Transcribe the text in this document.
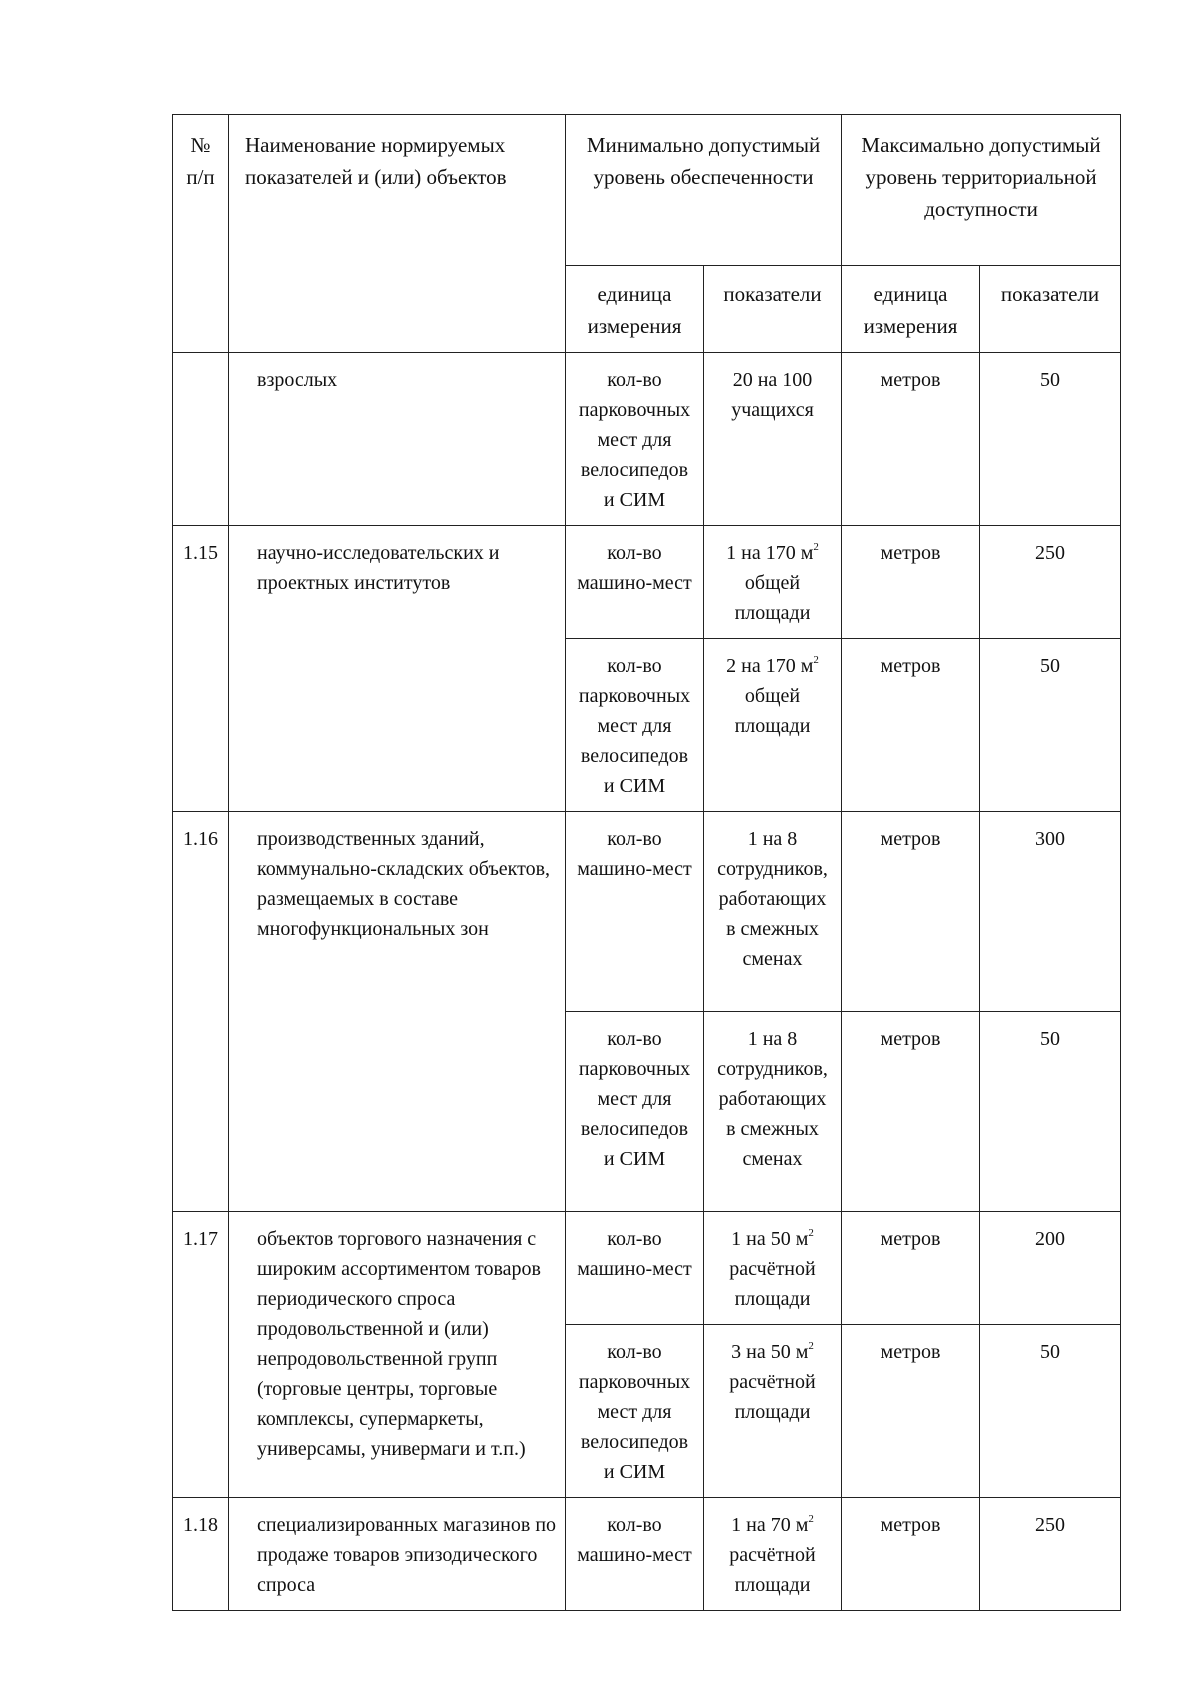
№
п/п	Наименование нормируемых показателей и (или) объектов	Минимально допустимый уровень обеспеченности		Максимально допустимый уровень территориальной доступности	
		единица измерения	показатели	единица измерения	показатели
	взрослых	кол-во парковочных мест для велосипедов и СИМ	20 на 100 учащихся	метров	50
1.15	научно-исследовательских и проектных институтов	кол-во машино-мест	1 на 170 $м^2$ общей площади	метров	250
		кол-во парковочных мест для велосипедов и СИМ	2 на 170 $м^2$ общей площади	метров	50
1.16	производственных зданий, коммунально-складских объектов, размещаемых в составе многофункциональных зон	кол-во машино-мест	1 на 8 сотрудников, работающих в смежных сменах	метров	300
		кол-во парковочных мест для велосипедов и СИМ	1 на 8 сотрудников, работающих в смежных сменах	метров	50
1.17	объектов торгового назначения с широким ассортиментом товаров периодического спроса продовольственной и (или) непродовольственной групп (торговые центры, торговые комплексы, супермаркеты, универсамы, универмаги и т.п.)	кол-во машино-мест	1 на 50 $м^2$ расчётной площади	метров	200
		кол-во парковочных мест для велосипедов и СИМ	3 на 50 $м^2$ расчётной площади	метров	50
1.18	специализированных магазинов по продаже товаров эпизодического спроса	кол-во машино-мест	1 на 70 $м^2$ расчётной площади	метров	250
